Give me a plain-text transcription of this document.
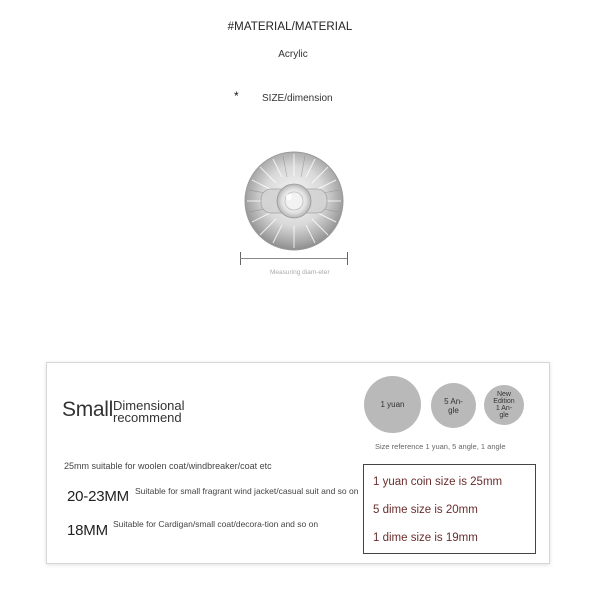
#MATERIAL/MATERIAL
Acrylic
* SIZE/dimension
Measuring diam-eter
Small Dimensional
recommend
1 yuan	5 An-gle
New
Edition
1 An-
gle
Size reference 1 yuan, 5 angle, 1 angle
25mm suitable for woolen coat/windbreaker/coat etc
20-23MM Suitable for small fragrant wind jacket/casual suit and so on
18MM Suitable for Cardigan/small coat/decora-tion and so on
1 yuan coin size is 25mm
5 dime size is 20mm
1 dime size is 19mm
